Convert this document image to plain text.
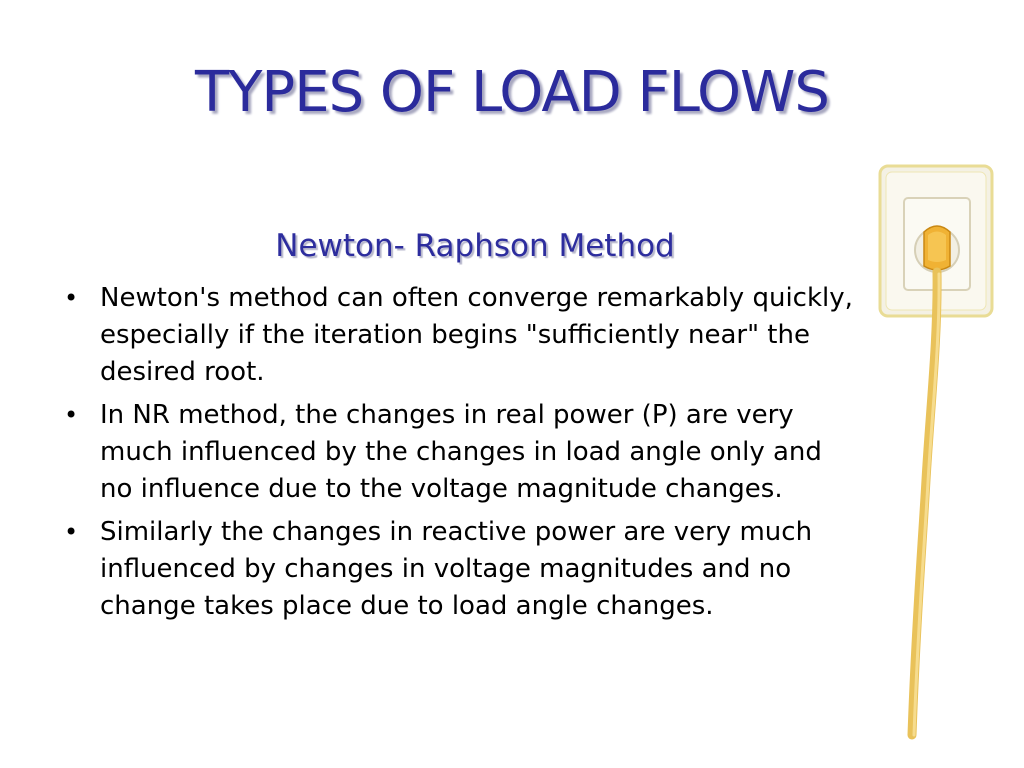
TYPES OF LOAD FLOWS
Newton- Raphson Method
• Newton's method can often converge remarkably quickly, especially if the iteration begins "sufficiently near" the desired root.
• In NR method, the changes in real power (P) are very much influenced by the changes in load angle only and no influence due to the voltage magnitude changes.
• Similarly the changes in reactive power are very much influenced by changes in voltage magnitudes and no change takes place due to load angle changes.
